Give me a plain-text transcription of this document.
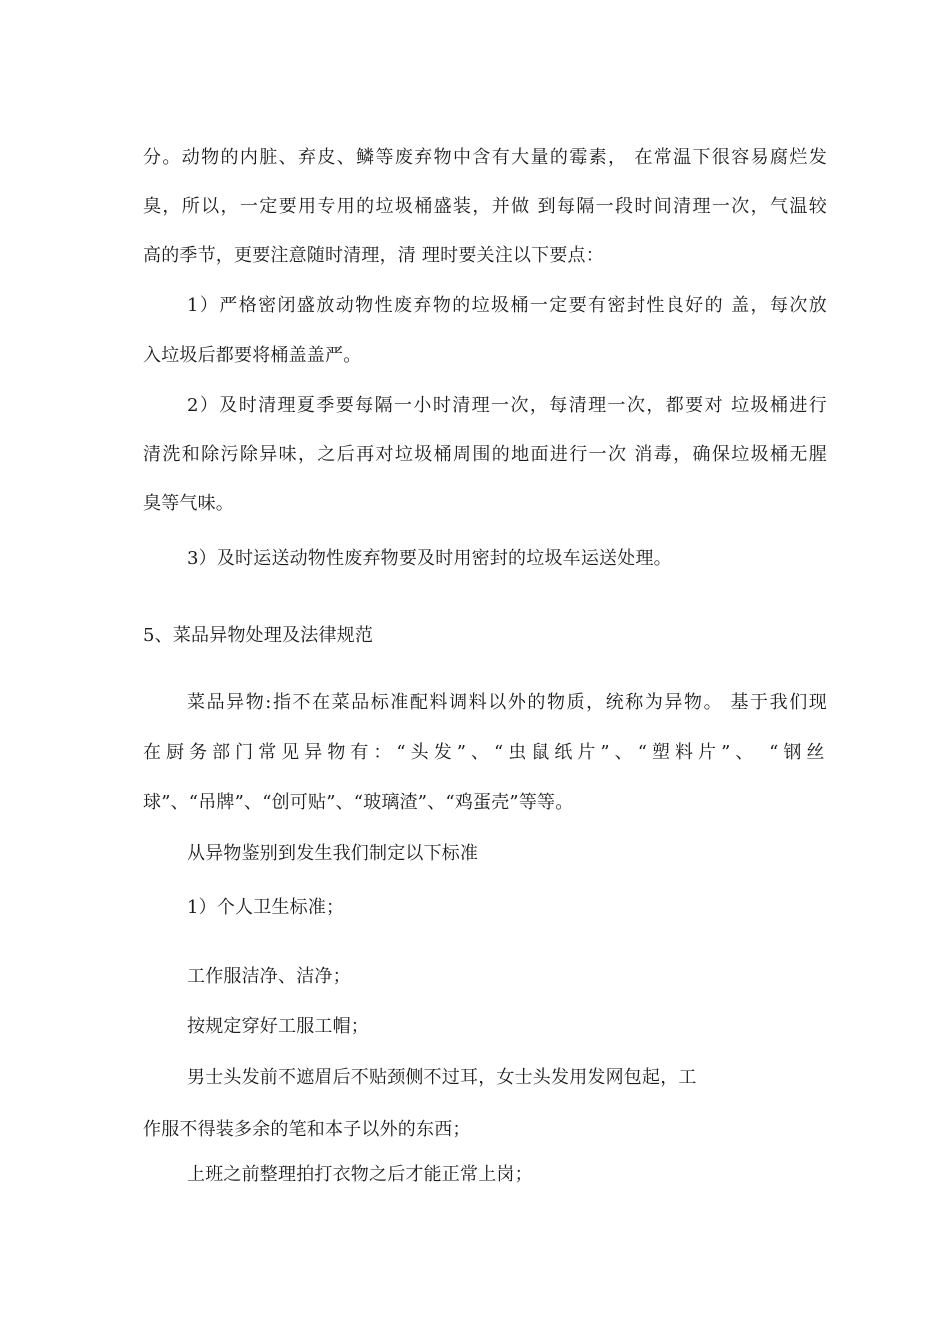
分。动物的内脏、弃皮、鳞等废弃物中含有大量的霉素， 在常温下很容易腐烂发

臭，所以，一定要用专用的垃圾桶盛装，并做 到每隔一段时间清理一次，气温较

高的季节，更要注意随时清理，清 理时要关注以下要点：

1）严格密闭盛放动物性废弃物的垃圾桶一定要有密封性良好的 盖，每次放

入垃圾后都要将桶盖盖严。

2）及时清理夏季要每隔一小时清理一次，每清理一次，都要对 垃圾桶进行

清洗和除污除异味，之后再对垃圾桶周围的地面进行一次 消毒，确保垃圾桶无腥

臭等气味。

3）及时运送动物性废弃物要及时用密封的垃圾车运送处理。

5、菜品异物处理及法律规范

菜品异物:指不在菜品标准配料调料以外的物质，统称为异物。 基于我们现

在厨务部门常见异物有：“头发”、“虫鼠纸片”、“塑料片”、 “钢丝

球”、“吊牌”、“创可贴”、“玻璃渣”、“鸡蛋壳”等等。

从异物鉴别到发生我们制定以下标准

1）个人卫生标准；

工作服洁净、洁净；

按规定穿好工服工帽；

男士头发前不遮眉后不贴颈侧不过耳，女士头发用发网包起，工

作服不得装多余的笔和本子以外的东西；

上班之前整理拍打衣物之后才能正常上岗；
